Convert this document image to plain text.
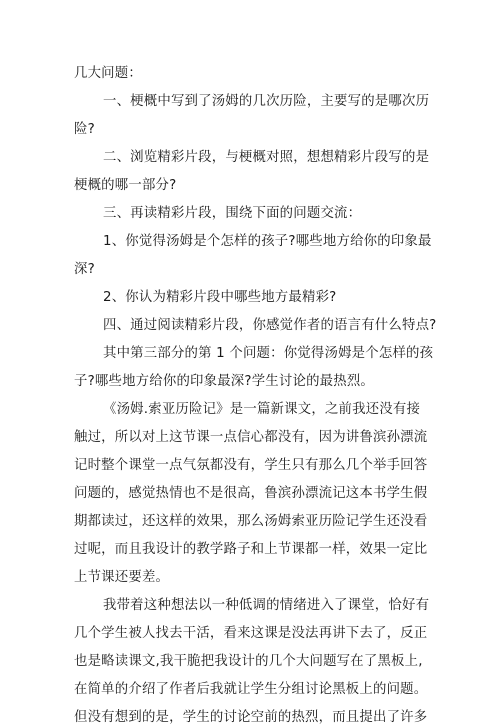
几大问题：
一、梗概中写到了汤姆的几次历险，主要写的是哪次历
险?
二、浏览精彩片段，与梗概对照，想想精彩片段写的是
梗概的哪一部分?
三、再读精彩片段，围绕下面的问题交流：
1、你觉得汤姆是个怎样的孩子?哪些地方给你的印象最
深?
2、你认为精彩片段中哪些地方最精彩?
四、通过阅读精彩片段，你感觉作者的语言有什么特点?
其中第三部分的第 1 个问题：你觉得汤姆是个怎样的孩
子?哪些地方给你的印象最深?学生讨论的最热烈。
《汤姆.索亚历险记》是一篇新课文，之前我还没有接
触过，所以对上这节课一点信心都没有，因为讲鲁滨孙漂流
记时整个课堂一点气氛都没有，学生只有那么几个举手回答
问题的，感觉热情也不是很高，鲁滨孙漂流记这本书学生假
期都读过，还这样的效果，那么汤姆索亚历险记学生还没看
过呢，而且我设计的教学路子和上节课都一样，效果一定比
上节课还要差。
我带着这种想法以一种低调的情绪进入了课堂，恰好有
几个学生被人找去干活，看来这课是没法再讲下去了，反正
也是略读课文,我干脆把我设计的几个大问题写在了黑板上,
在简单的介绍了作者后我就让学生分组讨论黑板上的问题。
但没有想到的是，学生的讨论空前的热烈，而且提出了许多
